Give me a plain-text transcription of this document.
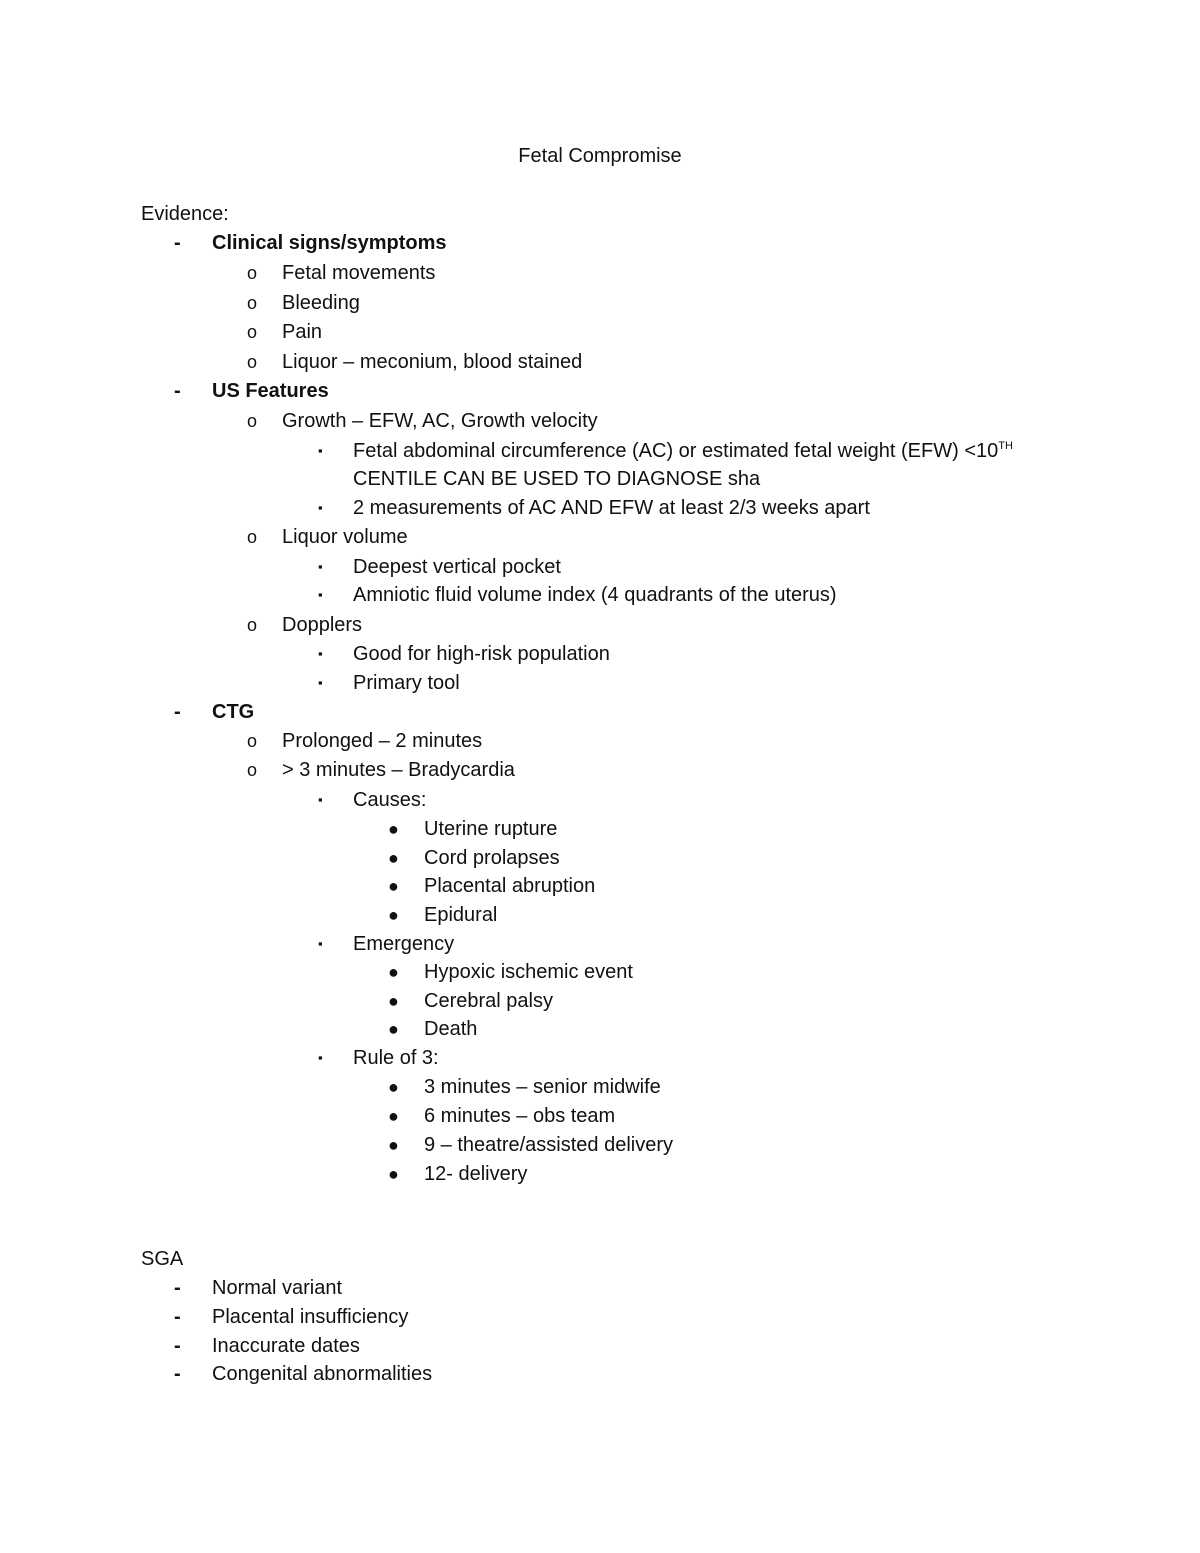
Fetal Compromise
Evidence:
- Clinical signs/symptoms
o Fetal movements
o Bleeding
o Pain
o Liquor – meconium, blood stained
- US Features
o Growth – EFW, AC, Growth velocity
▪ Fetal abdominal circumference (AC) or estimated fetal weight (EFW) <10TH
CENTILE CAN BE USED TO DIAGNOSE sha
▪ 2 measurements of AC AND EFW at least 2/3 weeks apart
o Liquor volume
▪ Deepest vertical pocket
▪ Amniotic fluid volume index (4 quadrants of the uterus)
o Dopplers
▪ Good for high-risk population
▪ Primary tool
- CTG
o Prolonged – 2 minutes
o > 3 minutes – Bradycardia
▪ Causes:
● Uterine rupture
● Cord prolapses
● Placental abruption
● Epidural
▪ Emergency
● Hypoxic ischemic event
● Cerebral palsy
● Death
▪ Rule of 3:
● 3 minutes – senior midwife
● 6 minutes – obs team
● 9 – theatre/assisted delivery
● 12- delivery
SGA
- Normal variant
- Placental insufficiency
- Inaccurate dates
- Congenital abnormalities
